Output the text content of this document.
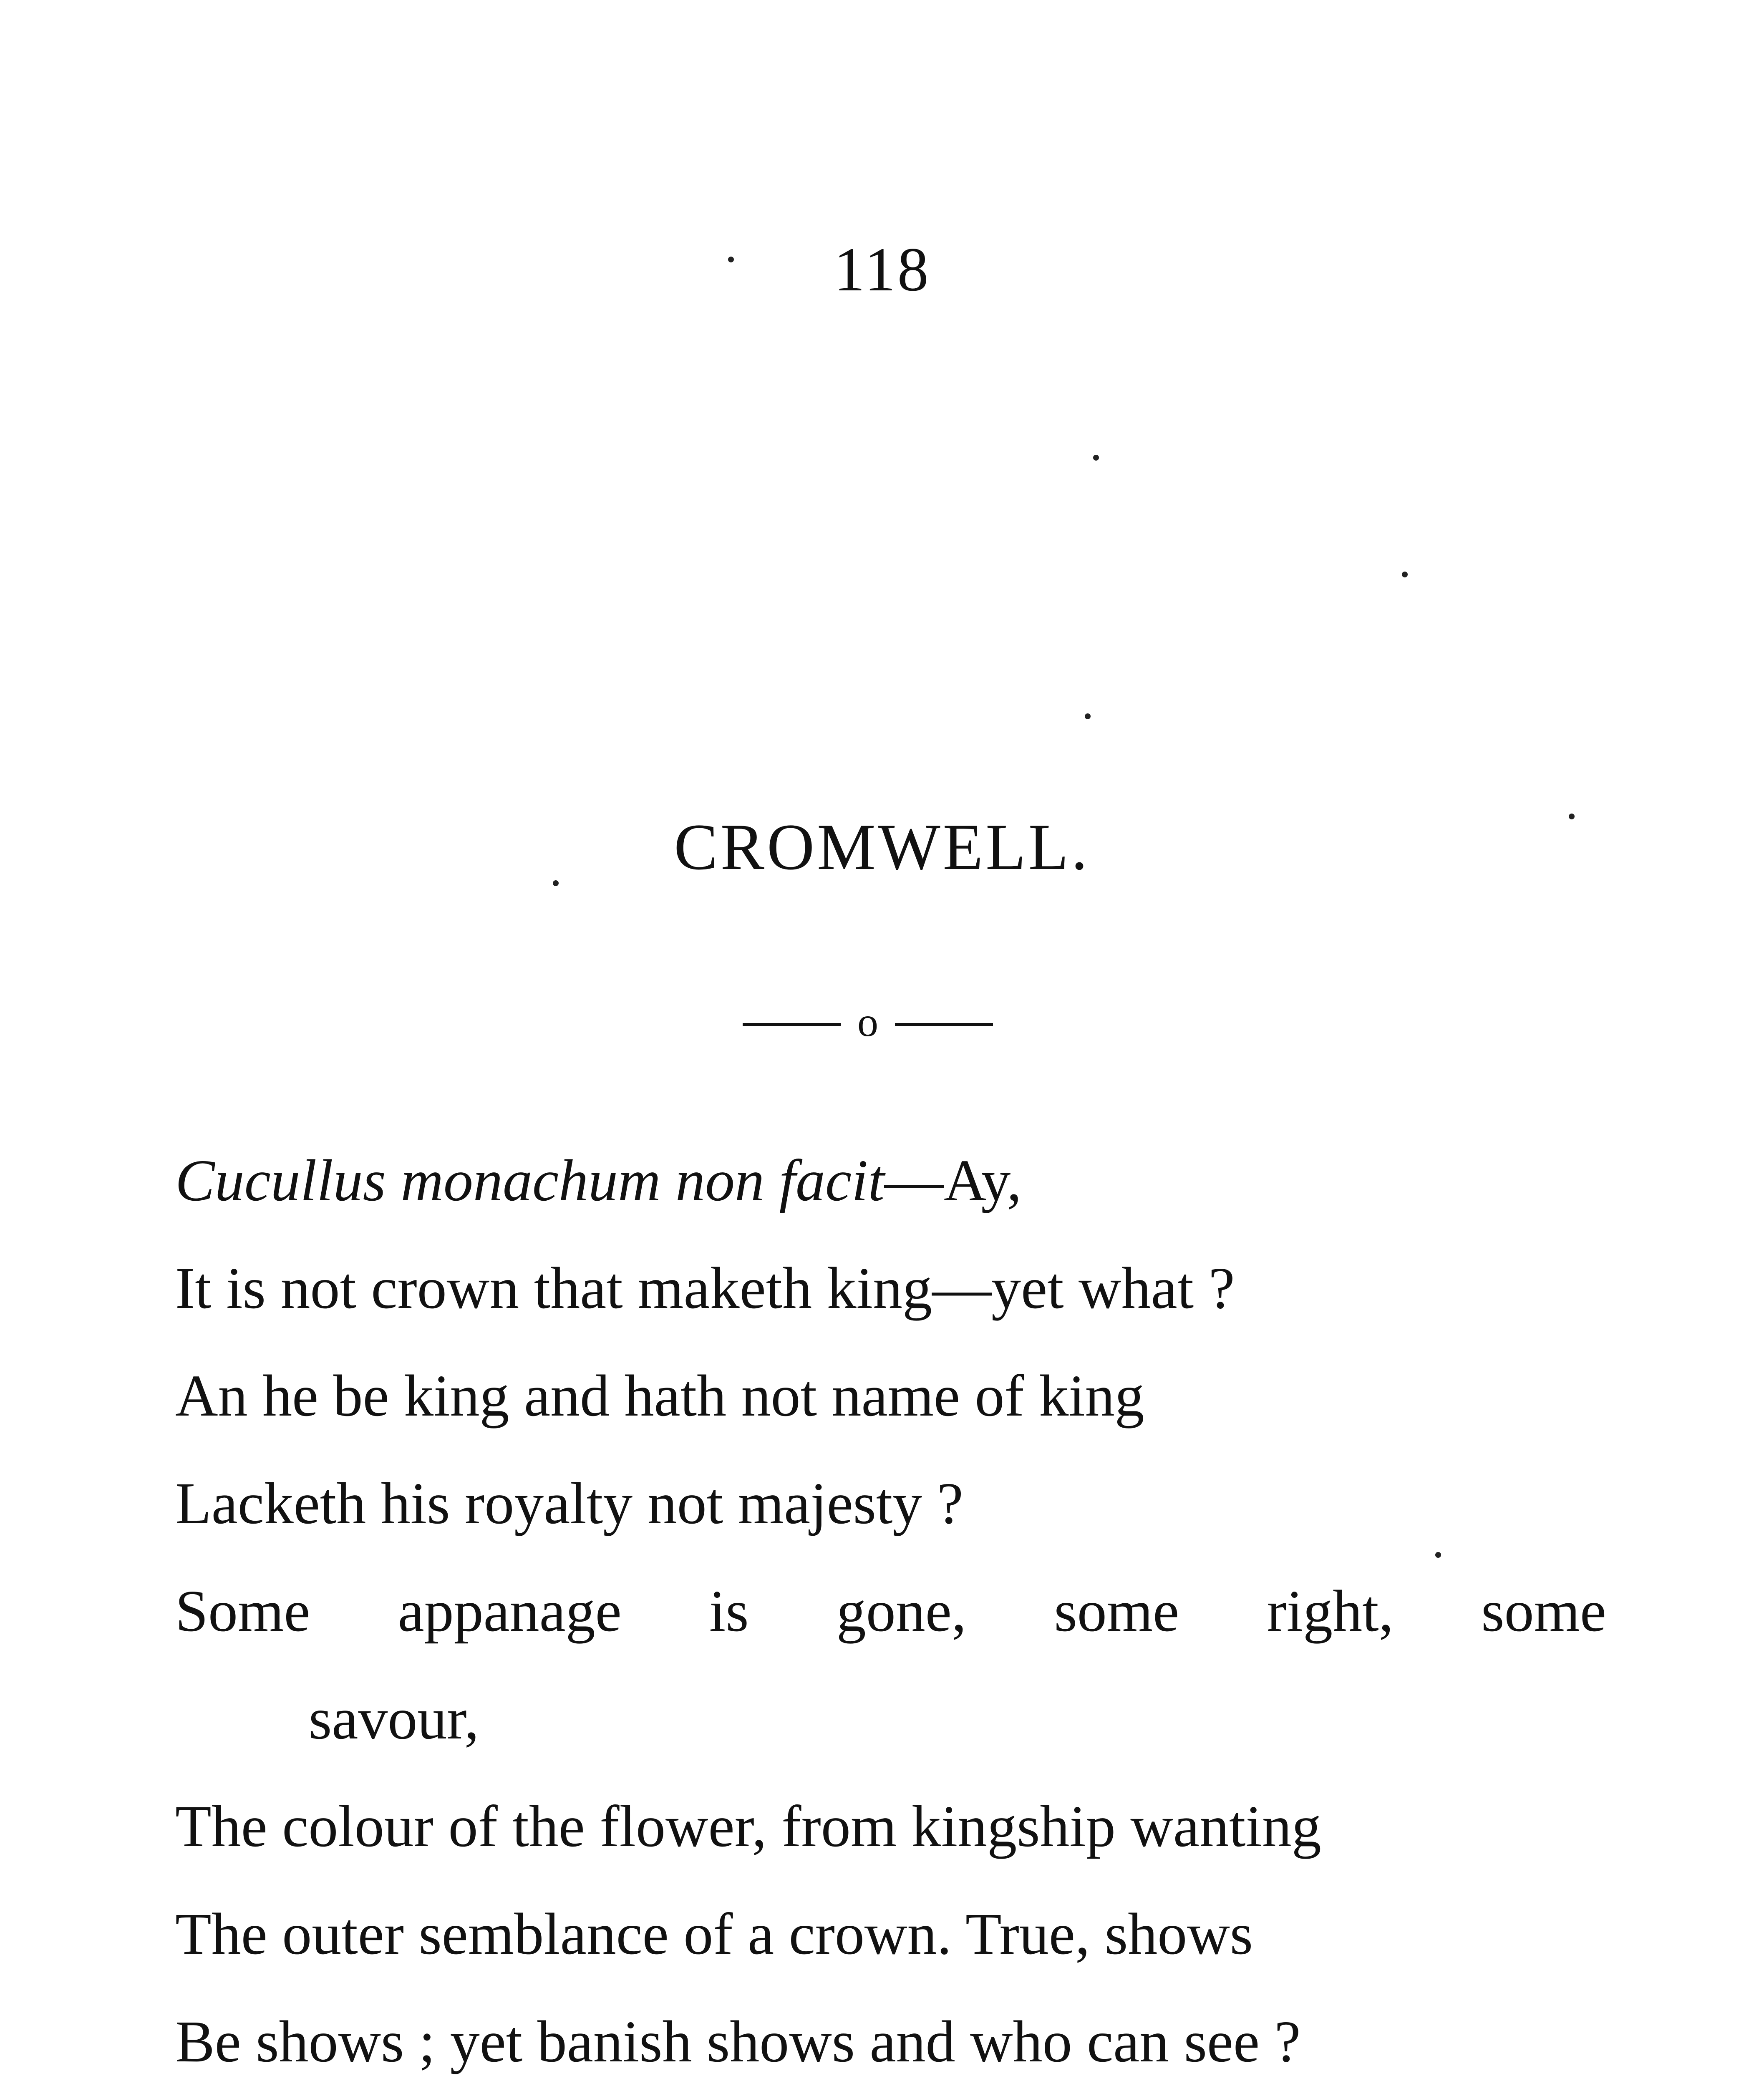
118
CROMWELL.
o
Cucullus monachum non facit—Ay,
It is not crown that maketh king—yet what ?
An he be king and hath not name of king
Lacketh his royalty not majesty ?
Some appanage is gone, some right, some
savour,
The colour of the flower, from kingship wanting
The outer semblance of a crown. True, shows
Be shows ; yet banish shows and who can see ?
